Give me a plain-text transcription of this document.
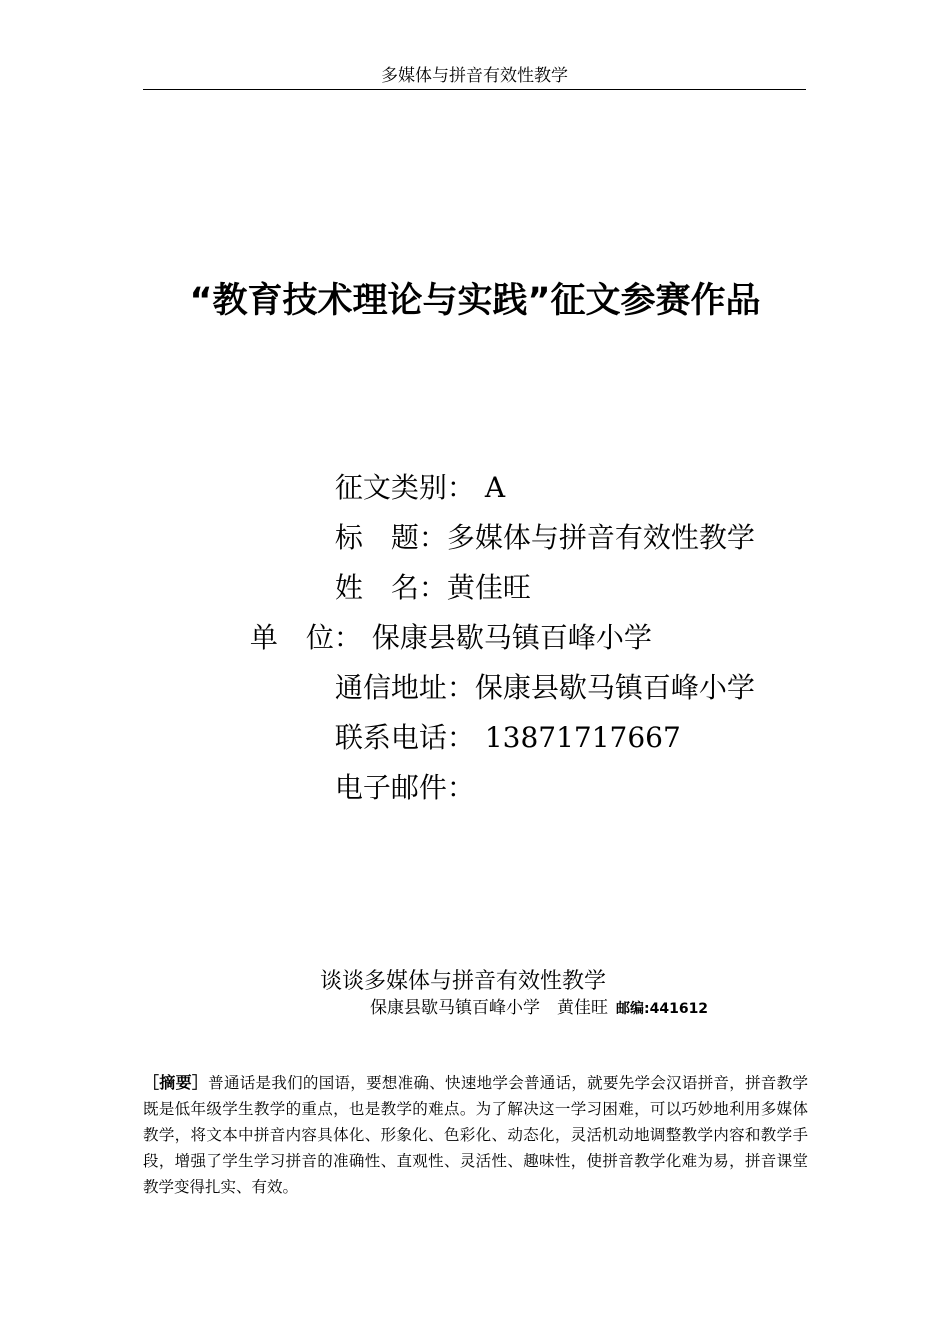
多媒体与拼音有效性教学
“教育技术理论与实践”征文参赛作品

征文类别： A

标　题：多媒体与拼音有效性教学

姓　名：黄佳旺

单　位： 保康县歇马镇百峰小学

通信地址：保康县歇马镇百峰小学

联系电话： 13871717667

电子邮件：

谈谈多媒体与拼音有效性教学
保康县歇马镇百峰小学　黄佳旺 邮编:441612
［摘要］普通话是我们的国语，要想准确、快速地学会普通话，就要先学会汉语拼音，拼音教学既是低年级学生教学的重点，也是教学的难点。为了解决这一学习困难，可以巧妙地利用多媒体教学，将文本中拼音内容具体化、形象化、色彩化、动态化，灵活机动地调整教学内容和教学手段，增强了学生学习拼音的准确性、直观性、灵活性、趣味性，使拼音教学化难为易，拼音课堂教学变得扎实、有效。
